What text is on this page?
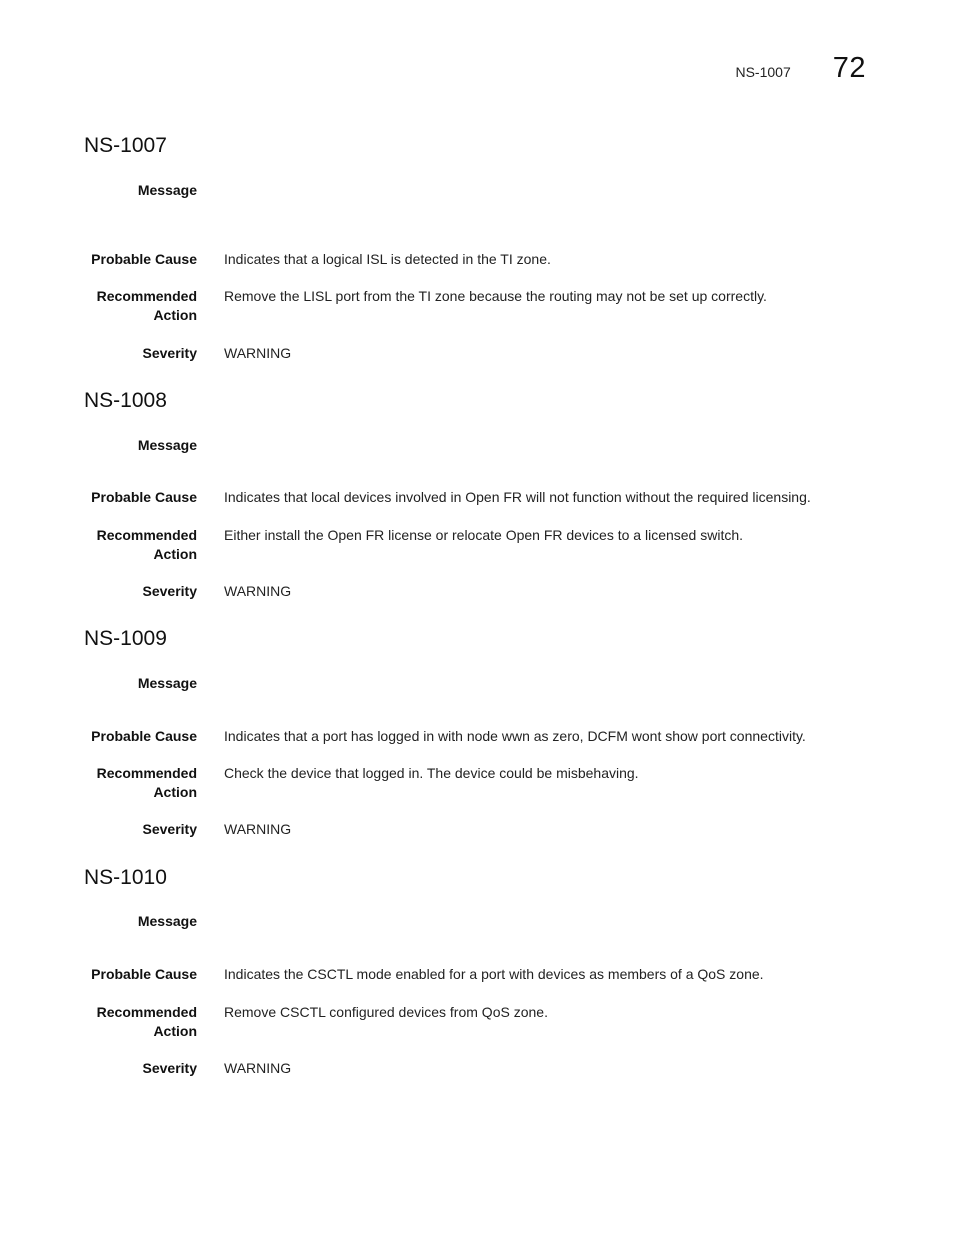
NS-1007 72
NS-1007
Message
Probable Cause Indicates that a logical ISL is detected in the TI zone.
Recommended
Action
Remove the LISL port from the TI zone because the routing may not be set up correctly.
Severity WARNING
NS-1008
Message
Probable Cause Indicates that local devices involved in Open FR will not function without the required licensing.
Recommended
Action
Either install the Open FR license or relocate Open FR devices to a licensed switch.
Severity WARNING
NS-1009
Message
Probable Cause Indicates that a port has logged in with node wwn as zero, DCFM wont show port connectivity.
Recommended
Action
Check the device that logged in. The device could be misbehaving.
Severity WARNING
NS-1010
Message
Probable Cause Indicates the CSCTL mode enabled for a port with devices as members of a QoS zone.
Recommended
Action
Remove CSCTL configured devices from QoS zone.
Severity WARNING
